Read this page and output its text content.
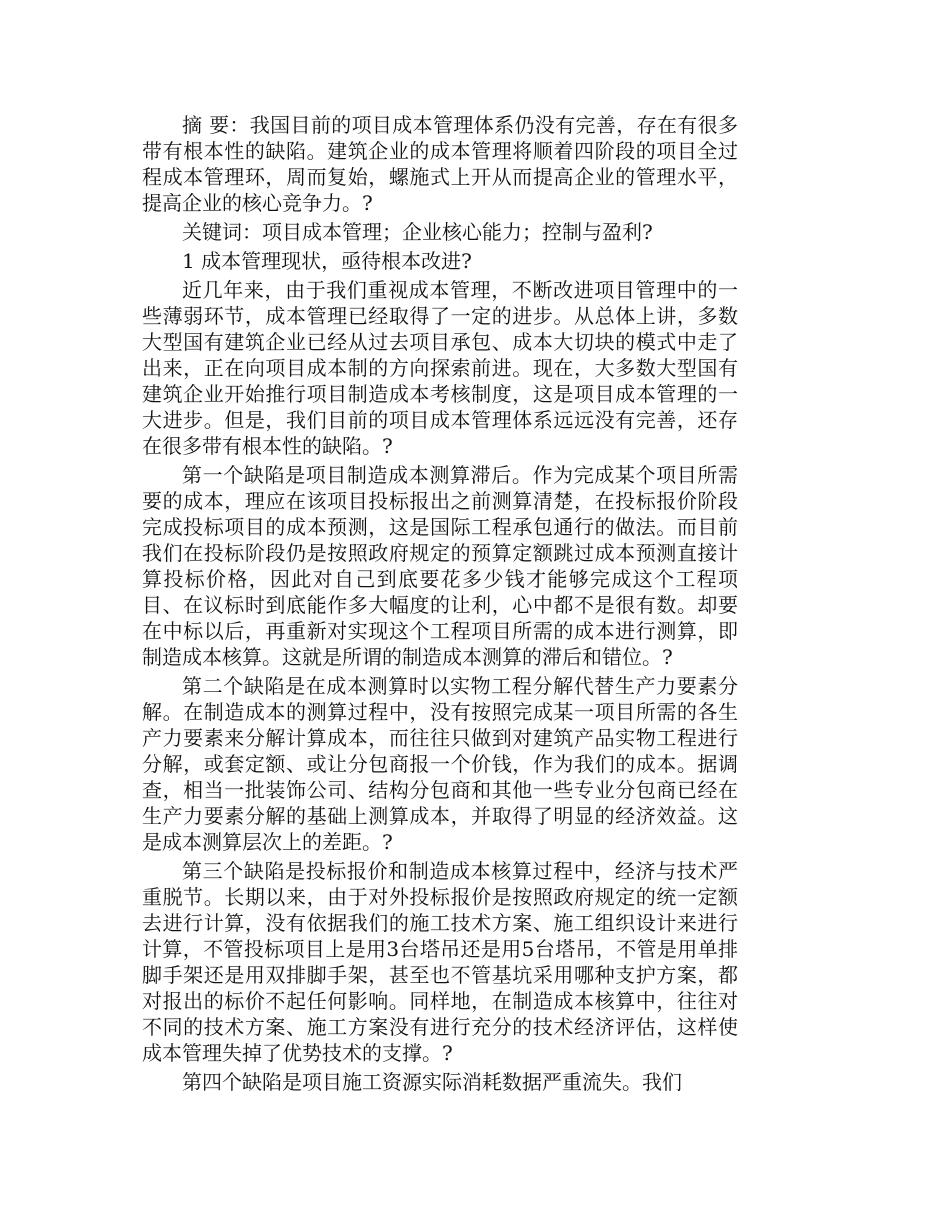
摘 要：我国目前的项目成本管理体系仍没有完善，存在有很多带有根本性的缺陷。建筑企业的成本管理将顺着四阶段的项目全过程成本管理环，周而复始，螺施式上开从而提高企业的管理水平，提高企业的核心竞争力。?

关键词：项目成本管理；企业核心能力；控制与盈利?

1 成本管理现状，亟待根本改进?

近几年来，由于我们重视成本管理，不断改进项目管理中的一些薄弱环节，成本管理已经取得了一定的进步。从总体上讲，多数大型国有建筑企业已经从过去项目承包、成本大切块的模式中走了出来，正在向项目成本制的方向探索前进。现在，大多数大型国有建筑企业开始推行项目制造成本考核制度，这是项目成本管理的一大进步。但是，我们目前的项目成本管理体系远远没有完善，还存在很多带有根本性的缺陷。?

第一个缺陷是项目制造成本测算滞后。作为完成某个项目所需要的成本，理应在该项目投标报出之前测算清楚，在投标报价阶段完成投标项目的成本预测，这是国际工程承包通行的做法。而目前我们在投标阶段仍是按照政府规定的预算定额跳过成本预测直接计算投标价格，因此对自己到底要花多少钱才能够完成这个工程项目、在议标时到底能作多大幅度的让利，心中都不是很有数。却要在中标以后，再重新对实现这个工程项目所需的成本进行测算，即制造成本核算。这就是所谓的制造成本测算的滞后和错位。?

第二个缺陷是在成本测算时以实物工程分解代替生产力要素分解。在制造成本的测算过程中，没有按照完成某一项目所需的各生产力要素来分解计算成本，而往往只做到对建筑产品实物工程进行分解，或套定额、或让分包商报一个价钱，作为我们的成本。据调查，相当一批装饰公司、结构分包商和其他一些专业分包商已经在生产力要素分解的基础上测算成本，并取得了明显的经济效益。这是成本测算层次上的差距。?

第三个缺陷是投标报价和制造成本核算过程中，经济与技术严重脱节。长期以来，由于对外投标报价是按照政府规定的统一定额去进行计算，没有依据我们的施工技术方案、施工组织设计来进行计算，不管投标项目上是用3台塔吊还是用5台塔吊，不管是用单排脚手架还是用双排脚手架，甚至也不管基坑采用哪种支护方案，都对报出的标价不起任何影响。同样地，在制造成本核算中，往往对不同的技术方案、施工方案没有进行充分的技术经济评估，这样使成本管理失掉了优势技术的支撑。?

第四个缺陷是项目施工资源实际消耗数据严重流失。我们
